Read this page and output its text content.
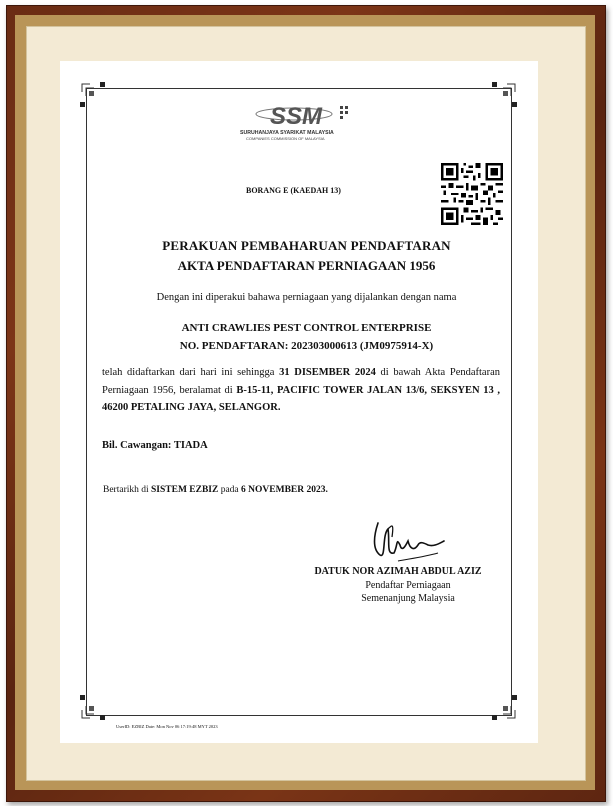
SSM
SURUHANJAYA SYARIKAT MALAYSIA
COMPANIES COMMISSION OF MALAYSIA
BORANG E (KAEDAH 13)
PERAKUAN PEMBAHARUAN PENDAFTARAN
AKTA PENDAFTARAN PERNIAGAAN 1956
Dengan ini diperakui bahawa perniagaan yang dijalankan dengan nama
ANTI CRAWLIES PEST CONTROL ENTERPRISE
NO. PENDAFTARAN: 202303000613 (JM0975914-X)
telah didaftarkan dari hari ini sehingga 31 DISEMBER 2024 di bawah Akta Pendaftaran Perniagaan 1956, beralamat di B-15-11, PACIFIC TOWER JALAN 13/6, SEKSYEN 13 , 46200 PETALING JAYA, SELANGOR.
Bil. Cawangan: TIADA
Bertarikh di SISTEM EZBIZ pada 6 NOVEMBER 2023.
DATUK NOR AZIMAH ABDUL AZIZ
Pendaftar Perniagaan
Semenanjung Malaysia
UserID: EZBIZ Date: Mon Nov 06 17:19:48 MYT 2023
